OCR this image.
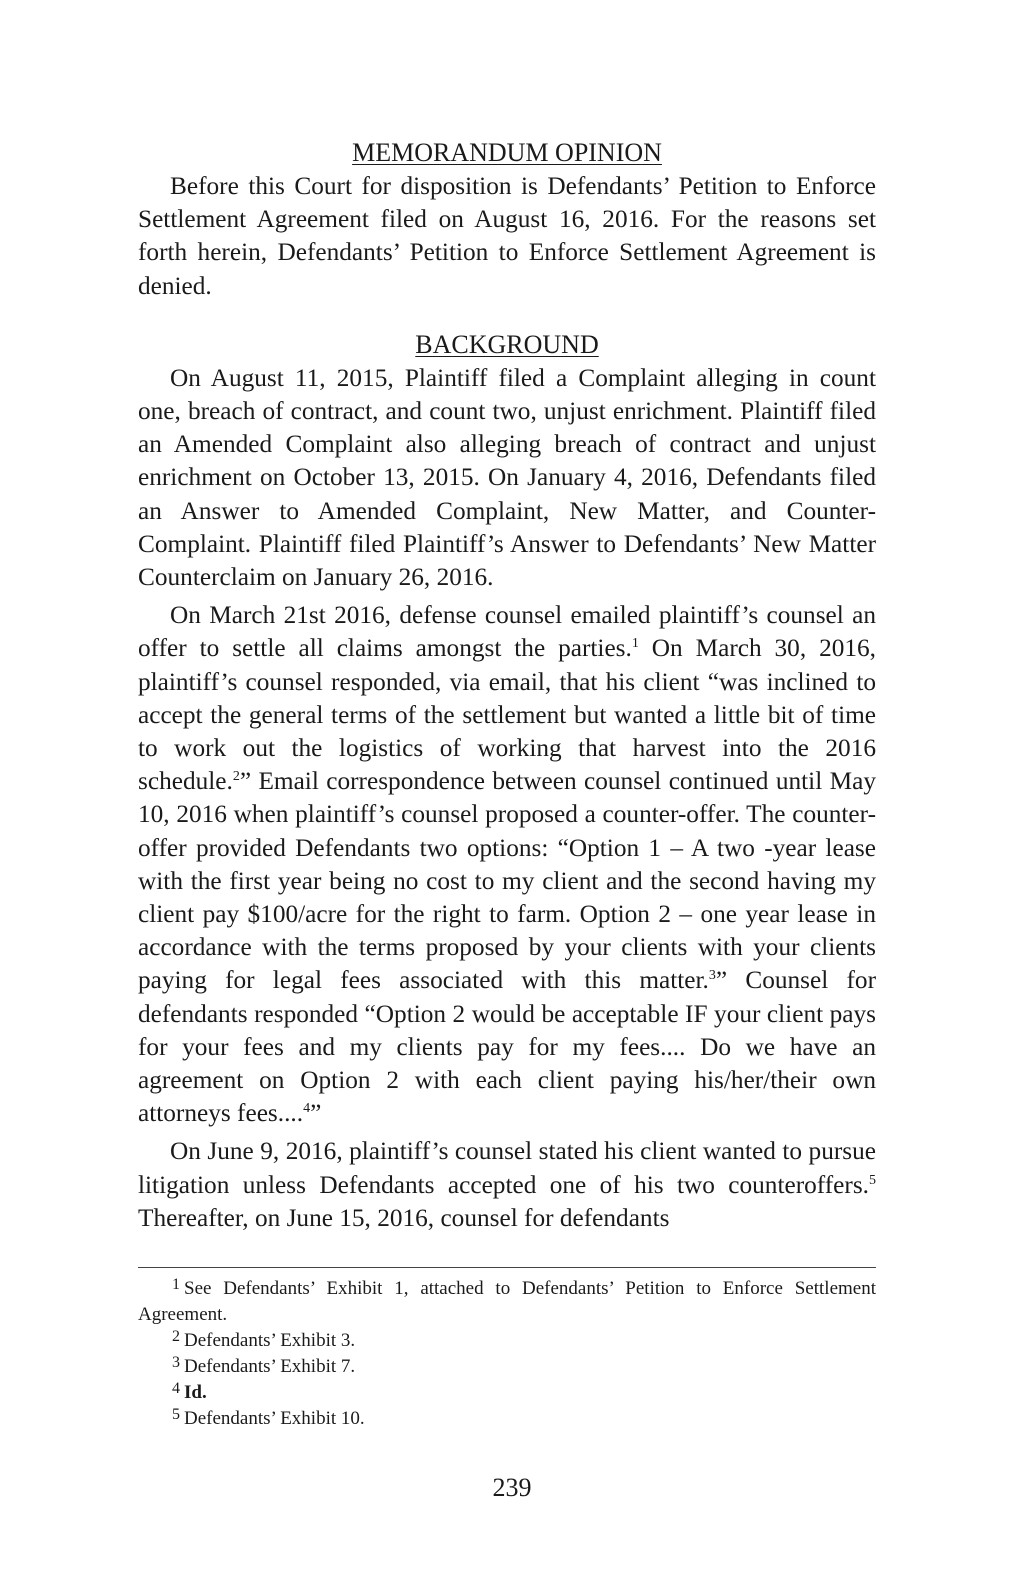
MEMORANDUM OPINION

Before this Court for disposition is Defendants’ Petition to Enforce Settlement Agreement filed on August 16, 2016. For the reasons set forth herein, Defendants’ Petition to Enforce Settlement Agreement is denied.

BACKGROUND

On August 11, 2015, Plaintiff filed a Complaint alleging in count one, breach of contract, and count two, unjust enrichment. Plaintiff filed an Amended Complaint also alleging breach of contract and unjust enrichment on October 13, 2015. On January 4, 2016, Defendants filed an Answer to Amended Complaint, New Matter, and Counter-Complaint. Plaintiff filed Plaintiff’s Answer to Defendants’ New Matter Counterclaim on January 26, 2016.

On March 21st 2016, defense counsel emailed plaintiff’s counsel an offer to settle all claims amongst the parties.$^1$ On March 30, 2016, plaintiff’s counsel responded, via email, that his client “was inclined to accept the general terms of the settlement but wanted a little bit of time to work out the logistics of working that harvest into the 2016 schedule.$^2$” Email correspondence between counsel continued until May 10, 2016 when plaintiff’s counsel proposed a counter-offer. The counter-offer provided Defendants two options: “Option 1 – A two -year lease with the first year being no cost to my client and the second having my client pay $100/acre for the right to farm. Option 2 – one year lease in accordance with the terms proposed by your clients with your clients paying for legal fees associated with this matter.$^3$” Counsel for defendants responded “Option 2 would be acceptable IF your client pays for your fees and my clients pay for my fees.... Do we have an agreement on Option 2 with each client paying his/her/their own attorneys fees....$^4$”

On June 9, 2016, plaintiff’s counsel stated his client wanted to pursue litigation unless Defendants accepted one of his two counteroffers.$^5$ Thereafter, on June 15, 2016, counsel for defendants

$^1$ See Defendants’ Exhibit 1, attached to Defendants’ Petition to Enforce Settlement Agreement.

$^2$ Defendants’ Exhibit 3.

$^3$ Defendants’ Exhibit 7.

$^4$ Id.

$^5$ Defendants’ Exhibit 10.

239
